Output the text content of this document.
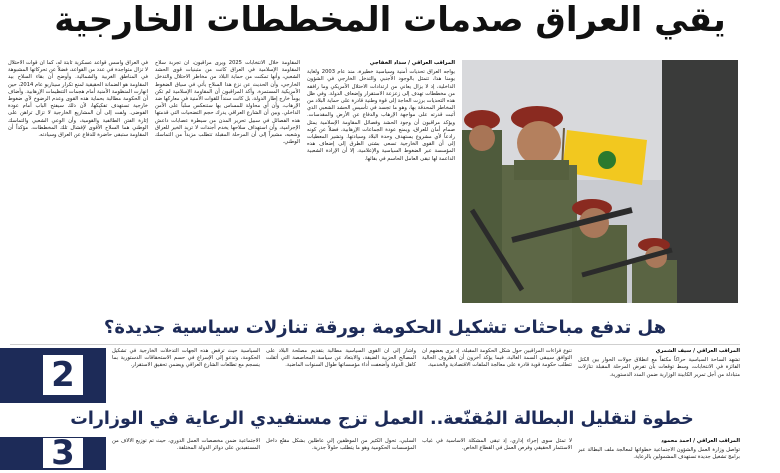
يقي العراق صدمات المخططات الخارجية

في العراق وأسس قواعد عسكرية ثابتة له، كما أن قوات الاحتلال لا تزال متواجدة في عدد من القواعد، فضلاً عن تحركاتها المشبوهة في المناطق الغربية والشمالية. وأوضح أن بقاء السلاح بيد المقاومة هو الضمانة الحقيقية لمنع تكرار سيناريو عام 2014، حين انهارت المنظومة الأمنية أمام هجمات التنظيمات الإرهابية. وأضاف أن الحكومة مطالبة بحماية هذه القوى وعدم الرضوخ لأي ضغوط خارجية تستهدف تفكيكها، لأن ذلك سيفتح الباب أمام عودة الفوضى. ولفت إلى أن المشاريع الخارجية لا تزال تراهن على إثارة الفتن الطائفية والقومية، وأن الوعي الشعبي والتماسك الوطني هما السلاح الأقوى لإفشال تلك المخططات، مؤكداً أن المقاومة ستبقى حاضرة للدفاع عن العراق وسيادته.

المقاومة خلال الانتخابات 2025 ويرى مراقبون، أن تجربة سلاح المقاومة الإسلامية في العراق كانت من متبنيات قوى الحشد الشعبي، وأنها تمكنت من حماية البلاد من مخاطر الاحتلال والتدخل الخارجي، وأن الحديث عن نزع هذا السلاح يأتي في سياق الضغوط الأمريكية المستمرة. وأكد المراقبون أن المقاومة الإسلامية لم تكن يوماً خارج إطار الدولة، بل كانت سنداً للقوات الأمنية في معاركها ضد الإرهاب، وأن أي محاولة للمساس بها ستنعكس سلباً على الأمن الداخلي. وبين أن الشارع العراقي يدرك حجم التضحيات التي قدمتها هذه الفصائل في سبيل تحرير المدن من سيطرة عصابات داعش الإجرامية، وأن استهداف سلاحها يخدم أجندات لا تريد الخير للعراق وشعبه، مشيراً إلى أن المرحلة المقبلة تتطلب مزيداً من التماسك الوطني.

المراقب العراقي / سداد الخفاجي

يواجه العراق تحديات أمنية وسياسية خطيرة، منذ عام 2003 ولغاية يومنا هذا، تتمثل بالوجود الأجنبي والتدخل الخارجي في الشؤون الداخلية، إذ لا يزال يعاني من ارتدادات الاحتلال الأمريكي وما رافقه من مخططات تهدف إلى زعزعة الاستقرار وإضعاف الدولة. وفي ظل هذه التحديات برزت الحاجة إلى قوة وطنية قادرة على حماية البلاد من المخاطر المحدقة بها، وهو ما تجسد في تأسيس الحشد الشعبي الذي أثبت قدرته على مواجهة الإرهاب والدفاع عن الأرض والمقدسات. ويؤكد مراقبون أن وجود الحشد وفصائل المقاومة الإسلامية يمثل صمام أمان للعراق، ويمنع عودة الجماعات الإرهابية، فضلاً عن كونه رادعاً لأي مشروع يستهدف وحدة البلاد وسيادتها. وتشير المعطيات إلى أن القوى الخارجية تسعى بشتى الطرق إلى إضعاف هذه المؤسسة عبر الضغوط السياسية والإعلامية، إلا أن الإرادة الشعبية الداعمة لها تبقى العامل الحاسم في بقائها.

هل تدفع مباحثات تشكيل الحكومة بورقة تنازلات سياسية جديدة؟
2

السياسية حيث ترفض هذه الجهات التدخلات الخارجية في تشكيل الحكومة، وتدعو إلى الإسراع في حسم الاستحقاقات الدستورية بما ينسجم مع تطلعات الشارع العراقي ويضمن تحقيق الاستقرار.

وأشار إلى أن القوى السياسية مطالبة بتقديم مصلحة البلاد على المصالح الحزبية الضيقة، والابتعاد عن سياسة المحاصصة التي أثقلت كاهل الدولة وأضعفت أداء مؤسساتها طوال السنوات الماضية.

تنوع قراءات المراقبين حول شكل الحكومة المقبلة، إذ يرى بعضهم أن التوافق سيبقى السمة الغالبة، فيما يؤكد آخرون أن الظروف الحالية تتطلب حكومة قوية قادرة على معالجة الملفات الاقتصادية والخدمية.

المراقب العراقي / سيف الشمري

تشهد الساحة السياسية حراكاً مكثفاً مع انطلاق جولات الحوار بين الكتل الفائزة في الانتخابات، وسط توقعات بأن تفرض المرحلة المقبلة تنازلات متبادلة من أجل تمرير الكابينة الوزارية ضمن المدد الدستورية.

خطوة لتقليل البطالة المُقنّعة.. العمل تزج مستفيدي الرعاية في الوزارات
3	الاجتماعية ضمن مخصصات العمل الدوري، حيث تم توزيع الآلاف من المستفيدين على دوائر الدولة المختلفة.

السلبي، تحول الكثير من الموظفين إلى عاطلين بشكل مقنّع داخل المؤسسات الحكومية وهو ما يتطلب حلولاً جذرية.

لا تمثل سوى إجراء إداري، إذ تبقى المشكلة الأساسية في غياب الاستثمار الحقيقي وفرص العمل في القطاع الخاص.

المراقب العراقي / أحمد محمود

تواصل وزارة العمل والشؤون الاجتماعية خطواتها لمعالجة ملف البطالة عبر برامج تشغيل جديدة تستهدف المشمولين بالرعاية.
